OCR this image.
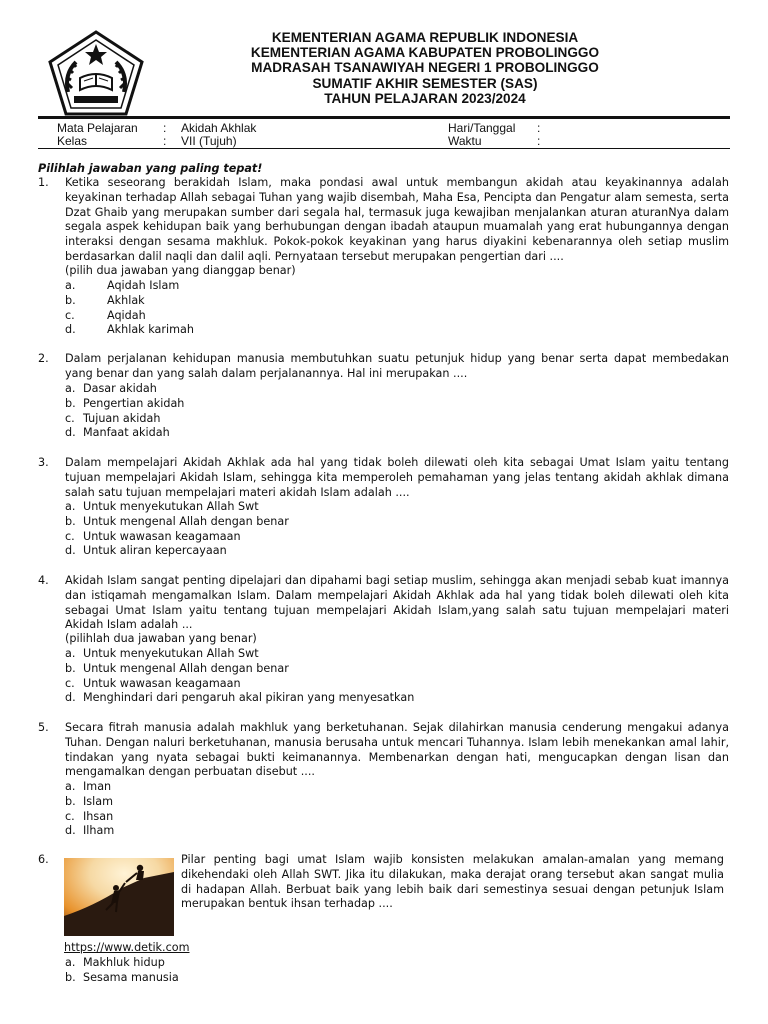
KEMENTERIAN AGAMA REPUBLIK INDONESIA
KEMENTERIAN AGAMA KABUPATEN PROBOLINGGO
MADRASAH TSANAWIYAH NEGERI 1 PROBOLINGGO
SUMATIF AKHIR SEMESTER (SAS)
TAHUN PELAJARAN 2023/2024
Mata Pelajaran : Akidah Akhlak	Hari/Tanggal :
Kelas	: VII (Tujuh)	Waktu	:
Pilihlah jawaban yang paling tepat!
1. Ketika seseorang berakidah Islam, maka pondasi awal untuk membangun akidah atau keyakinannya adalah keyakinan terhadap Allah sebagai Tuhan yang wajib disembah, Maha Esa, Pencipta dan Pengatur alam semesta, serta Dzat Ghaib yang merupakan sumber dari segala hal, termasuk juga kewajiban menjalankan aturan aturanNya dalam segala aspek kehidupan baik yang berhubungan dengan ibadah ataupun muamalah yang erat hubungannya dengan interaksi dengan sesama makhluk. Pokok-pokok keyakinan yang harus diyakini kebenarannya oleh setiap muslim berdasarkan dalil naqli dan dalil aqli. Pernyataan tersebut merupakan pengertian dari ....
(pilih dua jawaban yang dianggap benar)
a.	Aqidah Islam
b.	Akhlak
c.	Aqidah
d.	Akhlak karimah
2. Dalam perjalanan kehidupan manusia membutuhkan suatu petunjuk hidup yang benar serta dapat membedakan yang benar dan yang salah dalam perjalanannya. Hal ini merupakan ....
a. Dasar akidah
b. Pengertian akidah
c. Tujuan akidah
d. Manfaat akidah
3. Dalam mempelajari Akidah Akhlak ada hal yang tidak boleh dilewati oleh kita sebagai Umat Islam yaitu tentang tujuan mempelajari Akidah Islam, sehingga kita memperoleh pemahaman yang jelas tentang akidah akhlak dimana salah satu tujuan mempelajari materi akidah Islam adalah ....
a. Untuk menyekutukan Allah Swt
b. Untuk mengenal Allah dengan benar
c. Untuk wawasan keagamaan
d. Untuk aliran kepercayaan
4. Akidah Islam sangat penting dipelajari dan dipahami bagi setiap muslim, sehingga akan menjadi sebab kuat imannya dan istiqamah mengamalkan Islam. Dalam mempelajari Akidah Akhlak ada hal yang tidak boleh dilewati oleh kita sebagai Umat Islam yaitu tentang tujuan mempelajari Akidah Islam,yang salah satu tujuan mempelajari materi Akidah Islam adalah ...
(pilihlah dua jawaban yang benar)
a. Untuk menyekutukan Allah Swt
b. Untuk mengenal Allah dengan benar
c. Untuk wawasan keagamaan
d. Menghindari dari pengaruh akal pikiran yang menyesatkan
5. Secara fitrah manusia adalah makhluk yang berketuhanan. Sejak dilahirkan manusia cenderung mengakui adanya Tuhan. Dengan naluri berketuhanan, manusia berusaha untuk mencari Tuhannya. Islam lebih menekankan amal lahir, tindakan yang nyata sebagai bukti keimanannya. Membenarkan dengan hati, mengucapkan dengan lisan dan mengamalkan dengan perbuatan disebut ....
a. Iman
b. Islam
c. Ihsan
d. Ilham
6.	Pilar penting bagi umat Islam wajib konsisten melakukan amalan-amalan yang memang dikehendaki oleh Allah SWT. Jika itu dilakukan, maka derajat orang tersebut akan sangat mulia di hadapan Allah. Berbuat baik yang lebih baik dari semestinya sesuai dengan petunjuk Islam merupakan bentuk ihsan terhadap ....
https://www.detik.com
a. Makhluk hidup
b. Sesama manusia
